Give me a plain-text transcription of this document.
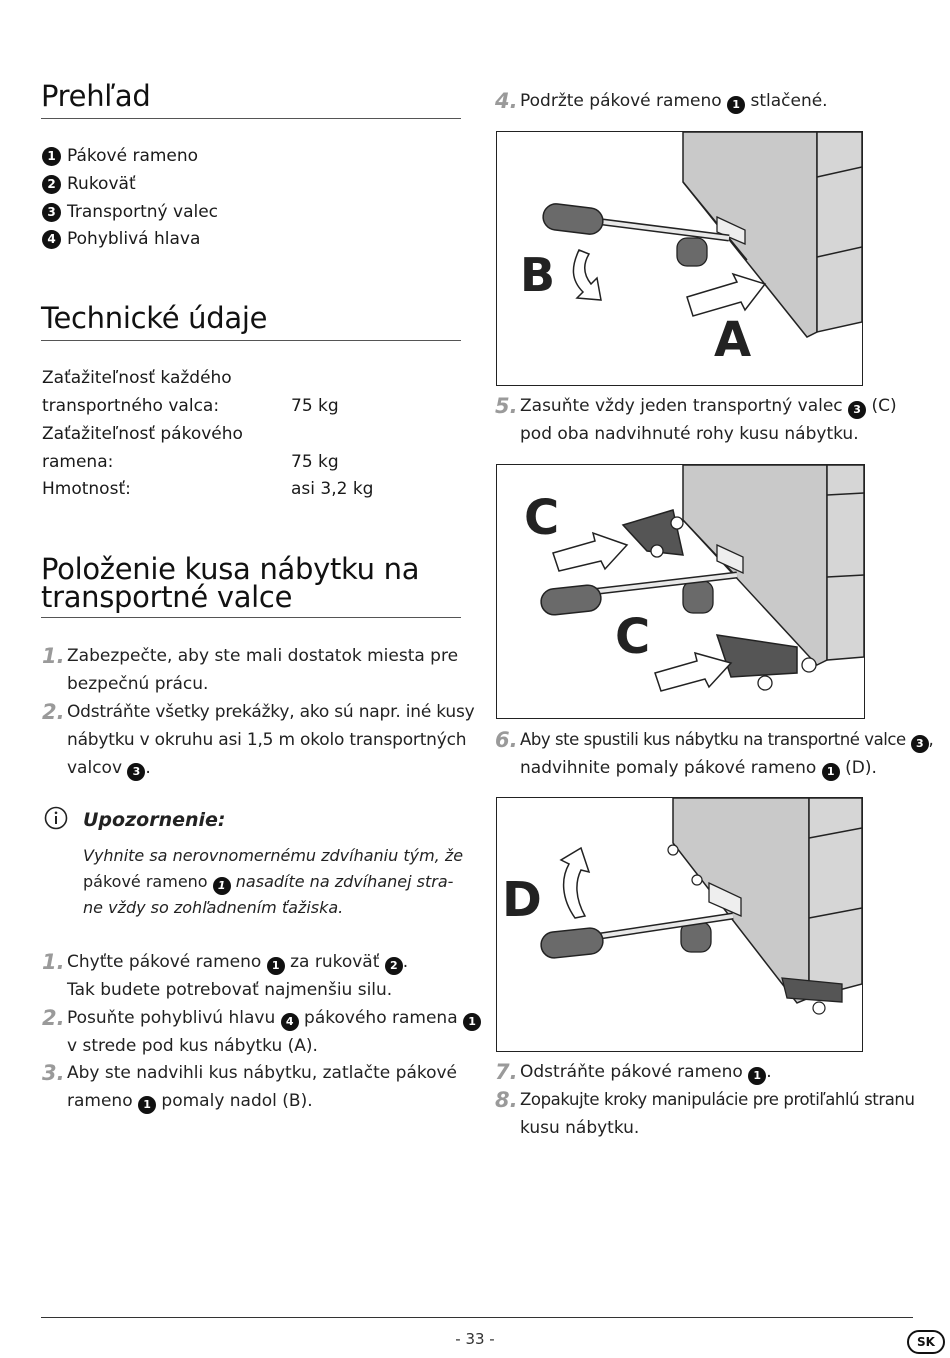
Prehľad
1 Pákové rameno
2 Rukoväť
3 Transportný valec
4 Pohyblivá hlava
Technické údaje
Zaťažiteľnosť každého
transportného valca:	75 kg
Zaťažiteľnosť pákového
ramena:	75 kg
Hmotnosť:	asi 3,2 kg
Položenie kusa nábytku na
transportné valce
1. Zabezpečte, aby ste mali dostatok miesta pre
bezpečnú prácu.
2. Odstráňte všetky prekážky, ako sú napr. iné kusy
nábytku v okruhu asi 1,5 m okolo transportných
valcov 3 .
Upozornenie:
Vyhnite sa nerovnomernému zdvíhaniu tým, že
pákové rameno 1 nasadíte na zdvíhanej stra-
ne vždy so zohľadnením ťažiska.
1. Chyťte pákové rameno 1 za rukoväť 2 .
Tak budete potrebovať najmenšiu silu.
2. Posuňte pohyblivú hlavu 4 pákového ramena 1
v strede pod kus nábytku (A).
3. Aby ste nadvihli kus nábytku, zatlačte pákové
rameno 1 pomaly nadol (B).
4. Podržte pákové rameno 1 stlačené.
B
A
5. Zasuňte vždy jeden transportný valec 3 (C)
pod oba nadvihnuté rohy kusu nábytku.
C
C
6. Aby ste spustili kus nábytku na transportné valce 3 ,
nadvihnite pomaly pákové rameno 1 (D).
D
7. Odstráňte pákové rameno 1 .
8. Zopakujte kroky manipulácie pre protiľahlú stranu
kusu nábytku.
- 33 -	SK
